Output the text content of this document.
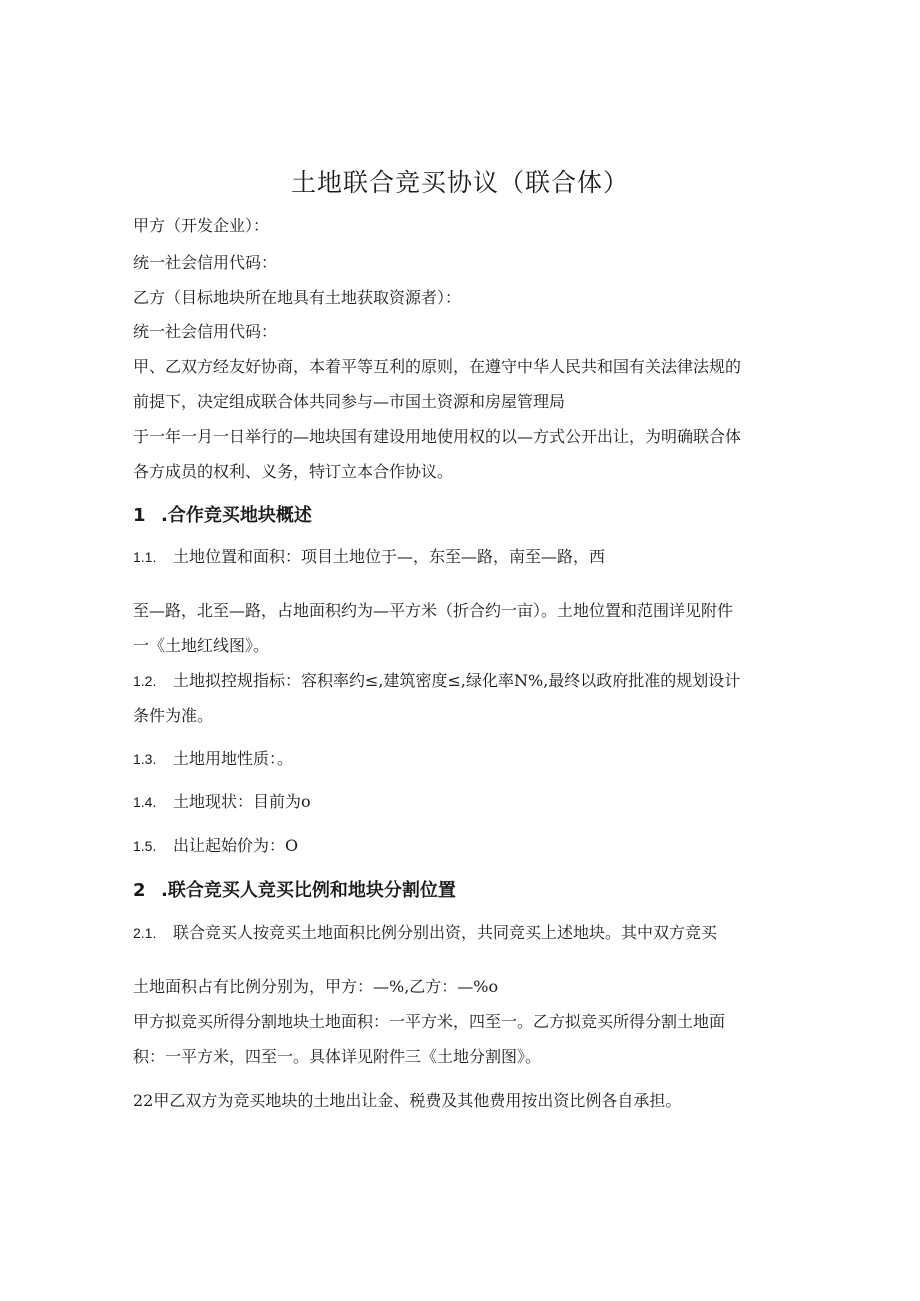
土地联合竞买协议（联合体）
甲方（开发企业）：
统一社会信用代码：
乙方（目标地块所在地具有土地获取资源者）：
统一社会信用代码：
甲、乙双方经友好协商，本着平等互利的原则，在遵守中华人民共和国有关法律法规的
前提下，决定组成联合体共同参与—市国土资源和房屋管理局
于一年一月一日举行的—地块国有建设用地使用权的以—方式公开出让，为明确联合体
各方成员的权利、义务，特订立本合作协议。
1 .合作竞买地块概述
1.1. 土地位置和面积：项目土地位于—，东至—路，南至—路，西
至—路，北至—路，占地面积约为—平方米（折合约一亩）。土地位置和范围详见附件
一《土地红线图》。
1.2. 土地拟控规指标：容积率约≤,建筑密度≤,绿化率N%,最终以政府批准的规划设计
条件为准。
1.3. 土地用地性质：。
1.4. 土地现状：目前为o
1.5. 出让起始价为：O
2 .联合竞买人竞买比例和地块分割位置
2.1. 联合竞买人按竞买土地面积比例分别出资，共同竞买上述地块。其中双方竞买
土地面积占有比例分别为，甲方：—%,乙方：—%o
甲方拟竞买所得分割地块土地面积：一平方米，四至一。乙方拟竞买所得分割土地面
积：一平方米，四至一。具体详见附件三《土地分割图》。
22甲乙双方为竞买地块的土地出让金、税费及其他费用按出资比例各自承担。
